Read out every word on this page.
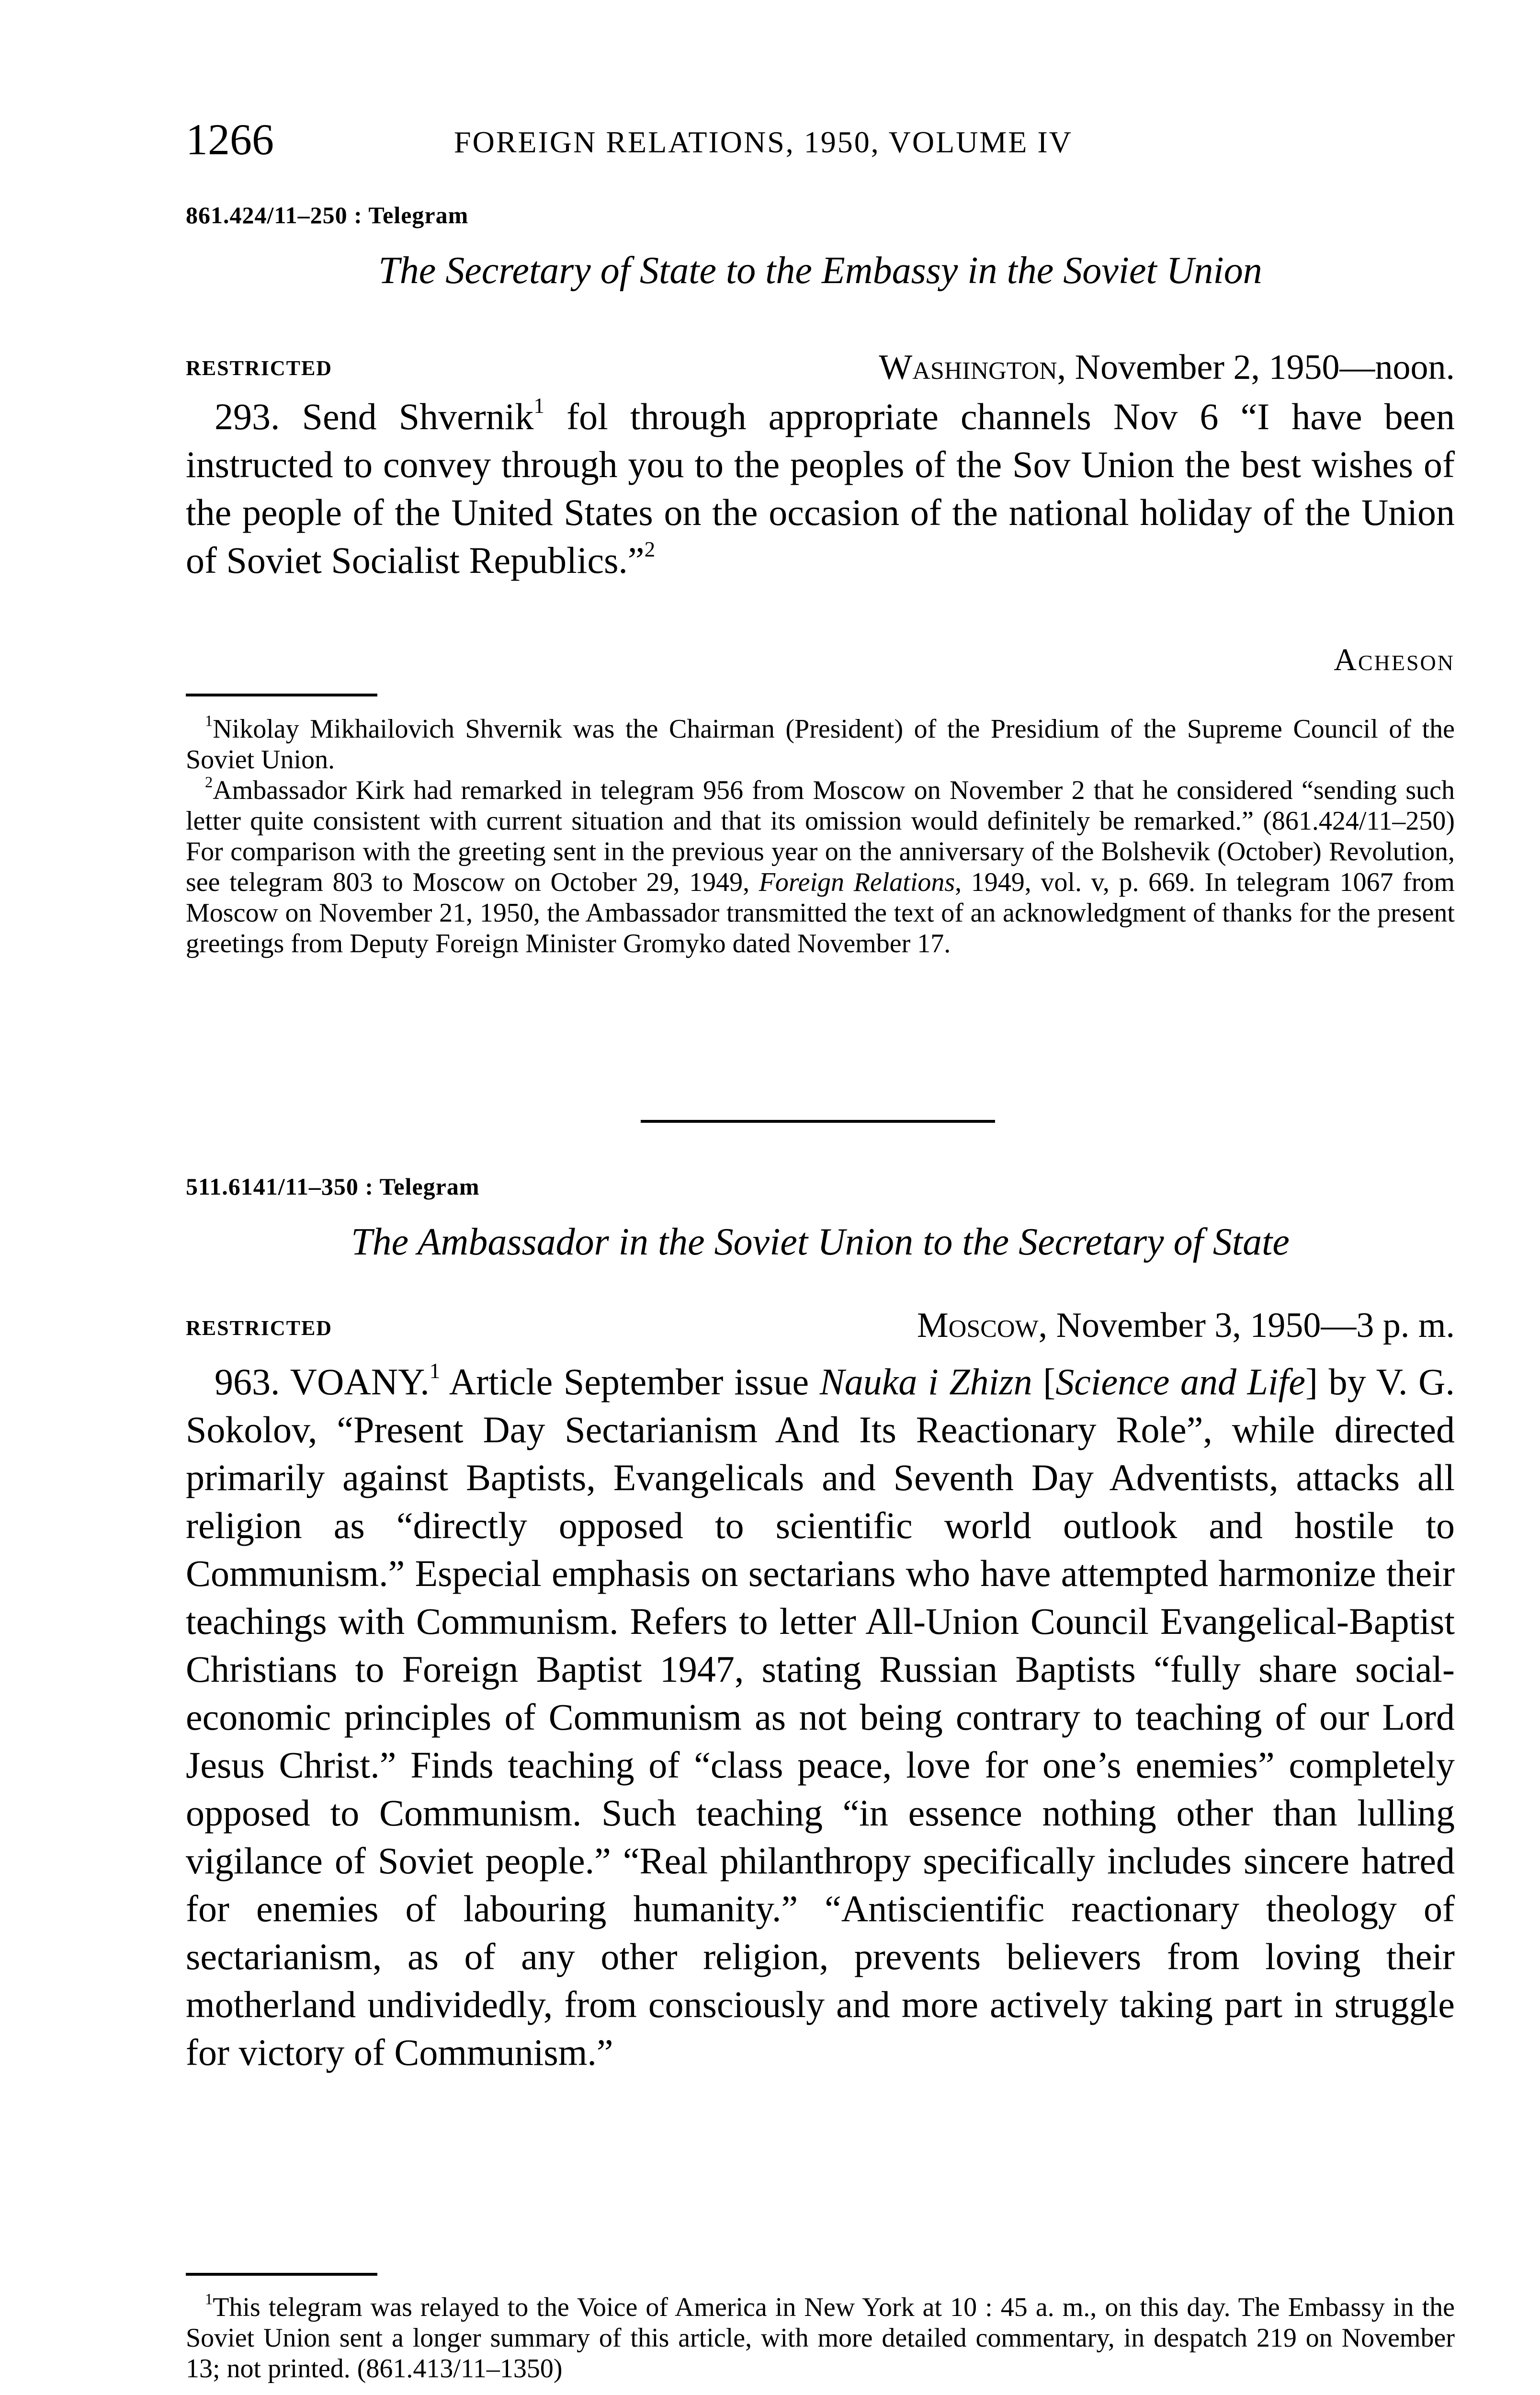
1266	FOREIGN RELATIONS, 1950, VOLUME IV
861.424/11–250 : Telegram
The Secretary of State to the Embassy in the Soviet Union
RESTRICTED	Washington, November 2, 1950—noon.

293. Send Shvernik$^1$ fol through appropriate channels Nov 6 “I have been instructed to convey through you to the peoples of the Sov Union the best wishes of the people of the United States on the occasion of the national holiday of the Union of Soviet Socialist Republics.”$^2$

Acheson

$^1$Nikolay Mikhailovich Shvernik was the Chairman (President) of the Presidium of the Supreme Council of the Soviet Union.

$^2$Ambassador Kirk had remarked in telegram 956 from Moscow on November 2 that he considered “sending such letter quite consistent with current situation and that its omission would definitely be remarked.” (861.424/11–250) For comparison with the greeting sent in the previous year on the anniversary of the Bolshevik (October) Revolution, see telegram 803 to Moscow on October 29, 1949, Foreign Relations, 1949, vol. v, p. 669. In telegram 1067 from Moscow on November 21, 1950, the Ambassador transmitted the text of an acknowledgment of thanks for the present greetings from Deputy Foreign Minister Gromyko dated November 17.

511.6141/11–350 : Telegram
The Ambassador in the Soviet Union to the Secretary of State
RESTRICTED	Moscow, November 3, 1950—3 p. m.

963. VOANY.$^1$ Article September issue Nauka i Zhizn [Science and Life] by V. G. Sokolov, “Present Day Sectarianism And Its Reactionary Role”, while directed primarily against Baptists, Evangelicals and Seventh Day Adventists, attacks all religion as “directly opposed to scientific world outlook and hostile to Communism.” Especial emphasis on sectarians who have attempted harmonize their teachings with Communism. Refers to letter All-Union Council Evangelical-Baptist Christians to Foreign Baptist 1947, stating Russian Baptists “fully share social-economic principles of Communism as not being contrary to teaching of our Lord Jesus Christ.” Finds teaching of “class peace, love for one’s enemies” completely opposed to Communism. Such teaching “in essence nothing other than lulling vigilance of Soviet people.” “Real philanthropy specifically includes sincere hatred for enemies of labouring humanity.” “Antiscientific reactionary theology of sectarianism, as of any other religion, prevents believers from loving their motherland undividedly, from consciously and more actively taking part in struggle for victory of Communism.”

$^1$This telegram was relayed to the Voice of America in New York at 10 : 45 a. m., on this day. The Embassy in the Soviet Union sent a longer summary of this article, with more detailed commentary, in despatch 219 on November 13; not printed. (861.413/11–1350)
